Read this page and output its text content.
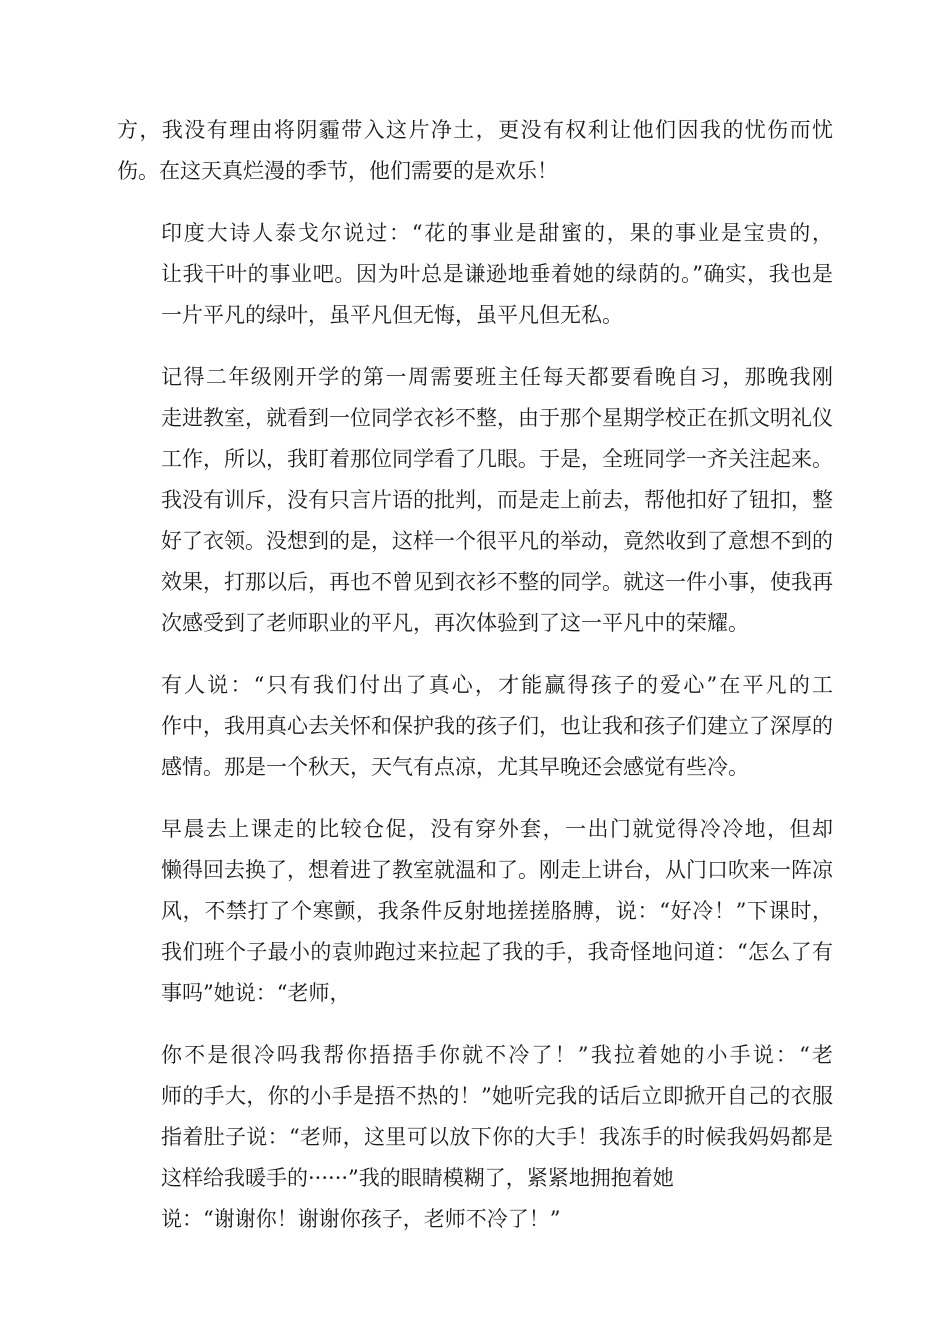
方，我没有理由将阴霾带入这片净土，更没有权利让他们因我的忧伤而忧
伤。在这天真烂漫的季节，他们需要的是欢乐！

印度大诗人泰戈尔说过：“花的事业是甜蜜的，果的事业是宝贵的，
让我干叶的事业吧。因为叶总是谦逊地垂着她的绿荫的。”确实，我也是
一片平凡的绿叶，虽平凡但无悔，虽平凡但无私。

记得二年级刚开学的第一周需要班主任每天都要看晚自习，那晚我刚
走进教室，就看到一位同学衣衫不整，由于那个星期学校正在抓文明礼仪
工作，所以，我盯着那位同学看了几眼。于是，全班同学一齐关注起来。
我没有训斥，没有只言片语的批判，而是走上前去，帮他扣好了钮扣，整
好了衣领。没想到的是，这样一个很平凡的举动，竟然收到了意想不到的
效果，打那以后，再也不曾见到衣衫不整的同学。就这一件小事，使我再
次感受到了老师职业的平凡，再次体验到了这一平凡中的荣耀。

有人说：“只有我们付出了真心，才能赢得孩子的爱心”在平凡的工
作中，我用真心去关怀和保护我的孩子们，也让我和孩子们建立了深厚的
感情。那是一个秋天，天气有点凉，尤其早晚还会感觉有些冷。

早晨去上课走的比较仓促，没有穿外套，一出门就觉得冷冷地，但却
懒得回去换了，想着进了教室就温和了。刚走上讲台，从门口吹来一阵凉
风，不禁打了个寒颤，我条件反射地搓搓胳膊，说：“好冷！”下课时，
我们班个子最小的袁帅跑过来拉起了我的手，我奇怪地问道：“怎么了有
事吗”她说：“老师，

你不是很冷吗我帮你捂捂手你就不冷了！”我拉着她的小手说：“老
师的手大，你的小手是捂不热的！”她听完我的话后立即掀开自己的衣服
指着肚子说：“老师，这里可以放下你的大手！我冻手的时候我妈妈都是
这样给我暖手的······”我的眼睛模糊了，紧紧地拥抱着她
说：“谢谢你！谢谢你孩子，老师不冷了！”
